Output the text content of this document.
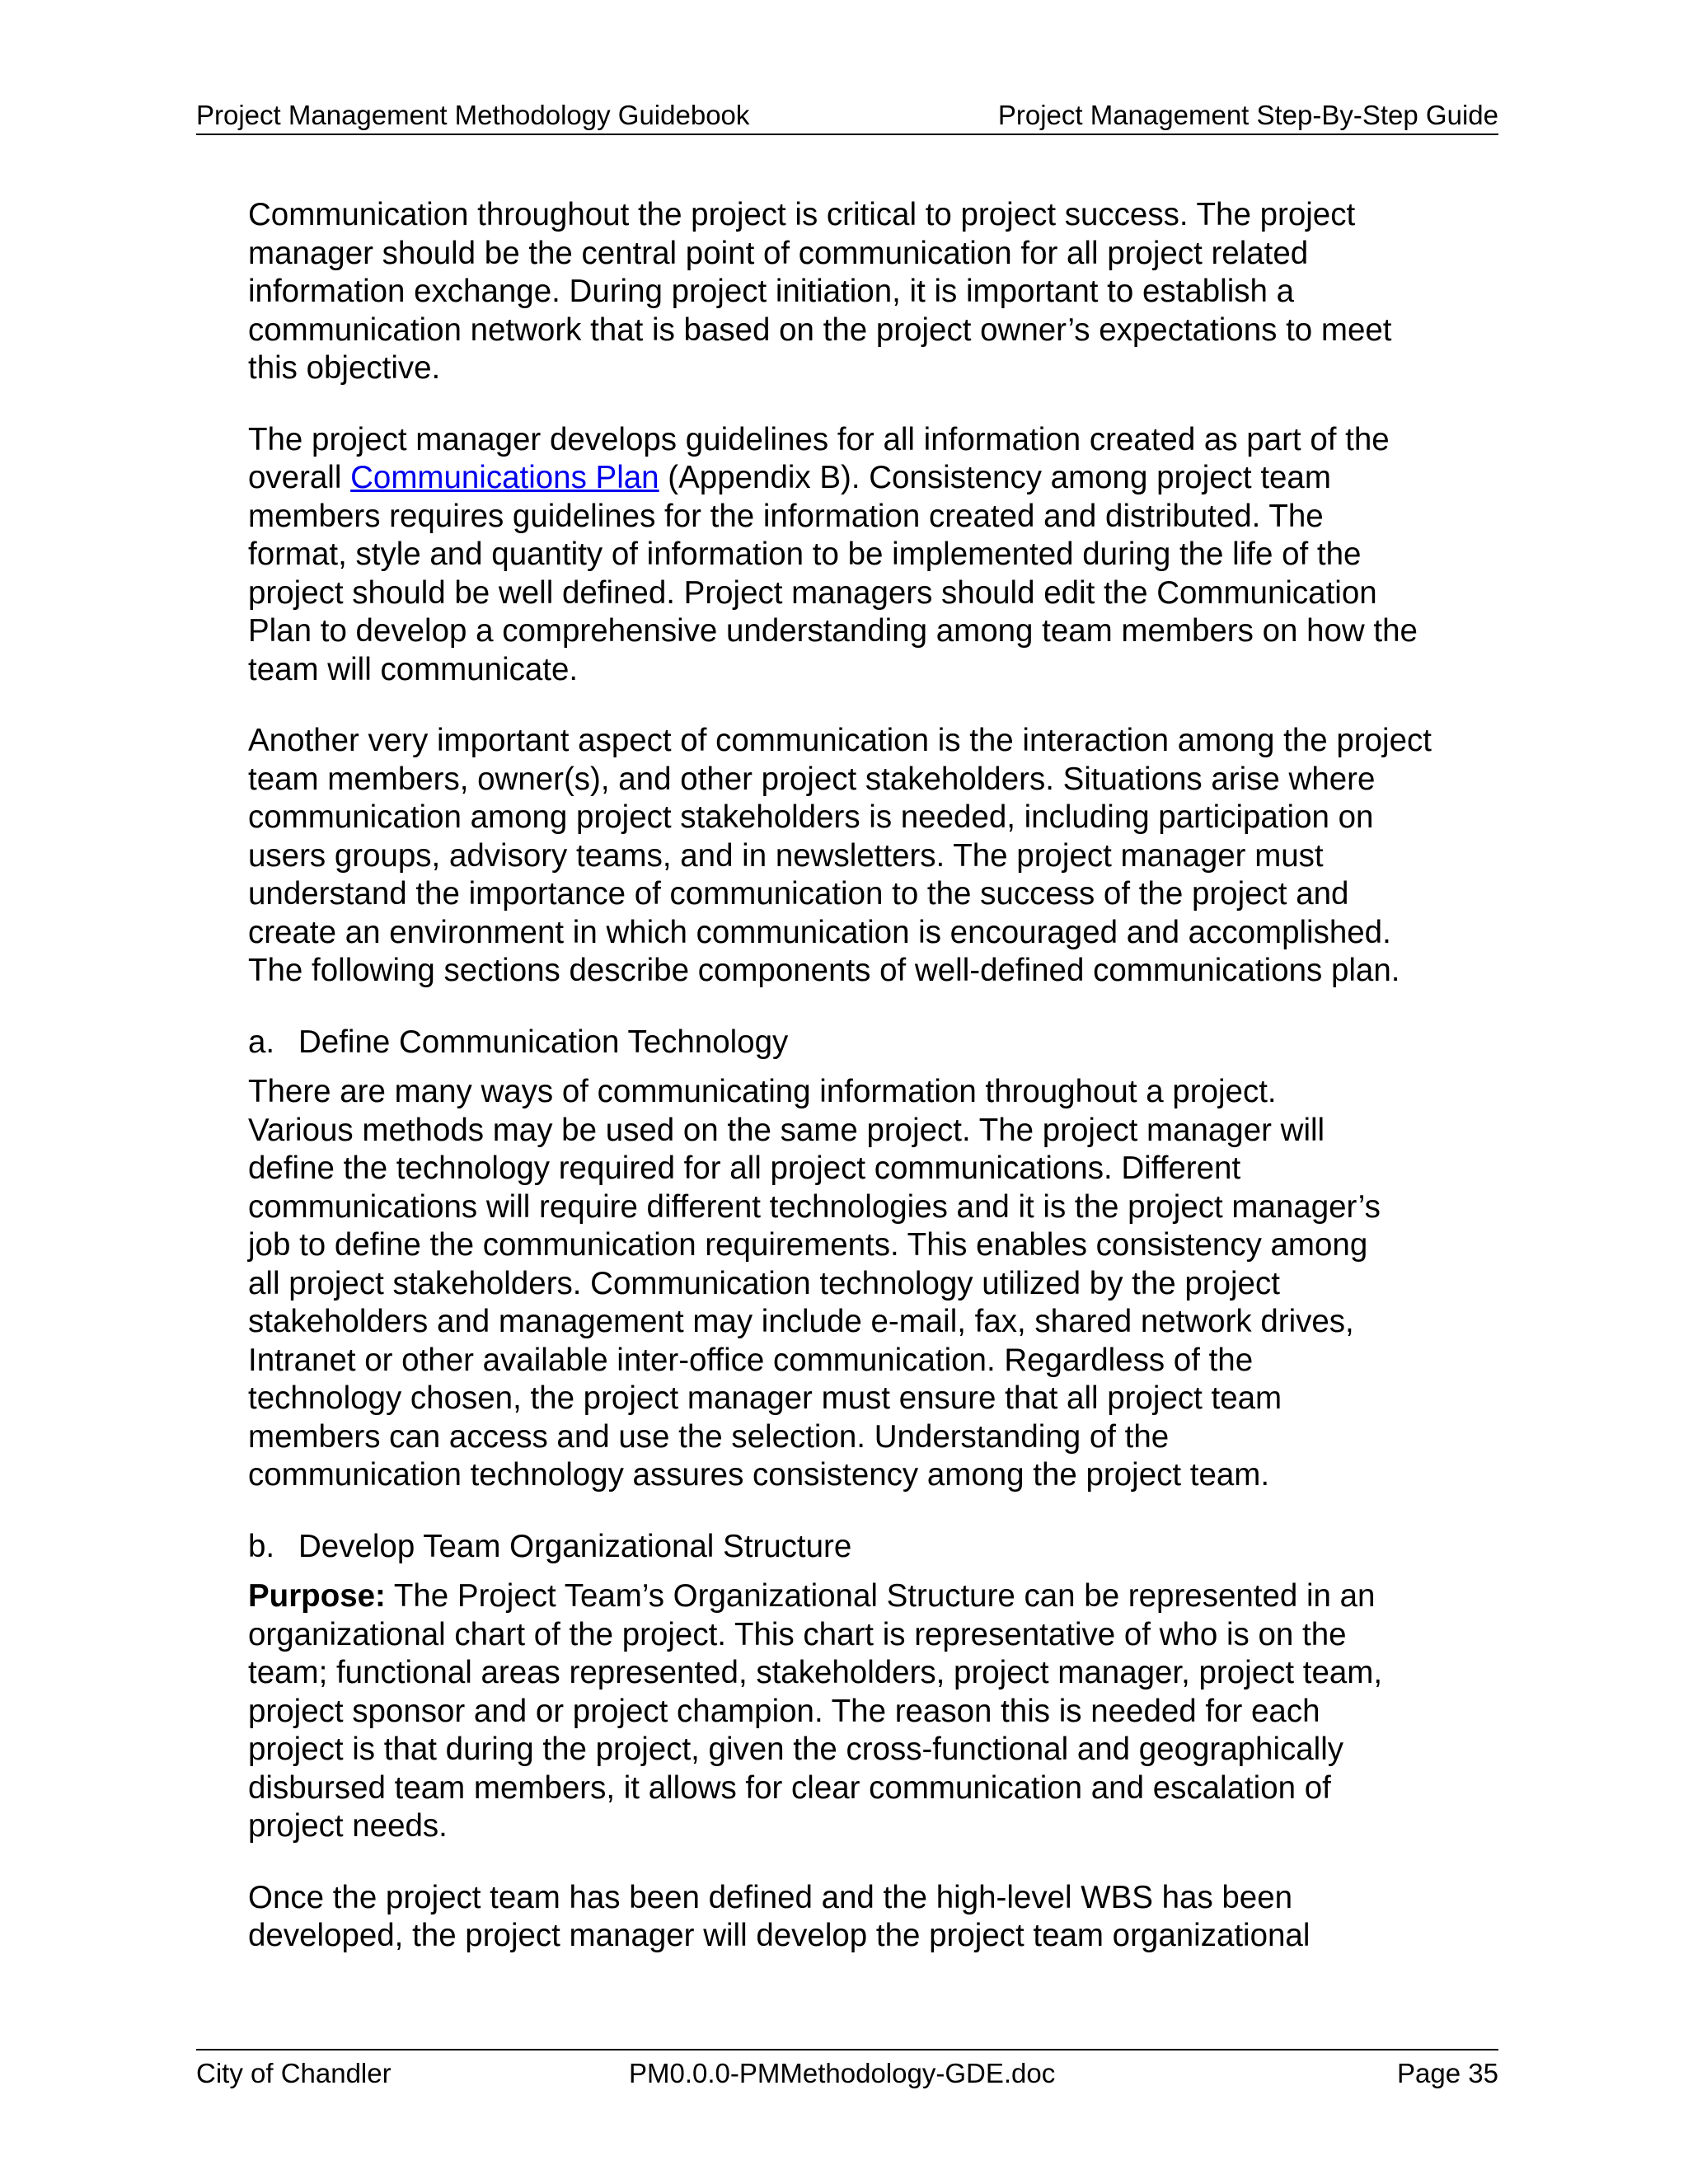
Project Management Methodology Guidebook	Project Management Step-By-Step Guide

Communication throughout the project is critical to project success. The project
manager should be the central point of communication for all project related
information exchange. During project initiation, it is important to establish a
communication network that is based on the project owner’s expectations to meet
this objective.

The project manager develops guidelines for all information created as part of the
overall Communications Plan (Appendix B). Consistency among project team
members requires guidelines for the information created and distributed. The
format, style and quantity of information to be implemented during the life of the
project should be well defined. Project managers should edit the Communication
Plan to develop a comprehensive understanding among team members on how the
team will communicate.

Another very important aspect of communication is the interaction among the project
team members, owner(s), and other project stakeholders. Situations arise where
communication among project stakeholders is needed, including participation on
users groups, advisory teams, and in newsletters. The project manager must
understand the importance of communication to the success of the project and
create an environment in which communication is encouraged and accomplished.
The following sections describe components of well-defined communications plan.

a. Define Communication Technology

There are many ways of communicating information throughout a project.
Various methods may be used on the same project. The project manager will
define the technology required for all project communications. Different
communications will require different technologies and it is the project manager’s
job to define the communication requirements. This enables consistency among
all project stakeholders. Communication technology utilized by the project
stakeholders and management may include e-mail, fax, shared network drives,
Intranet or other available inter-office communication. Regardless of the
technology chosen, the project manager must ensure that all project team
members can access and use the selection. Understanding of the
communication technology assures consistency among the project team.

b. Develop Team Organizational Structure

Purpose: The Project Team’s Organizational Structure can be represented in an
organizational chart of the project. This chart is representative of who is on the
team; functional areas represented, stakeholders, project manager, project team,
project sponsor and or project champion. The reason this is needed for each
project is that during the project, given the cross-functional and geographically
disbursed team members, it allows for clear communication and escalation of
project needs.

Once the project team has been defined and the high-level WBS has been
developed, the project manager will develop the project team organizational

City of Chandler	PM0.0.0-PMMethodology-GDE.doc	Page 35
